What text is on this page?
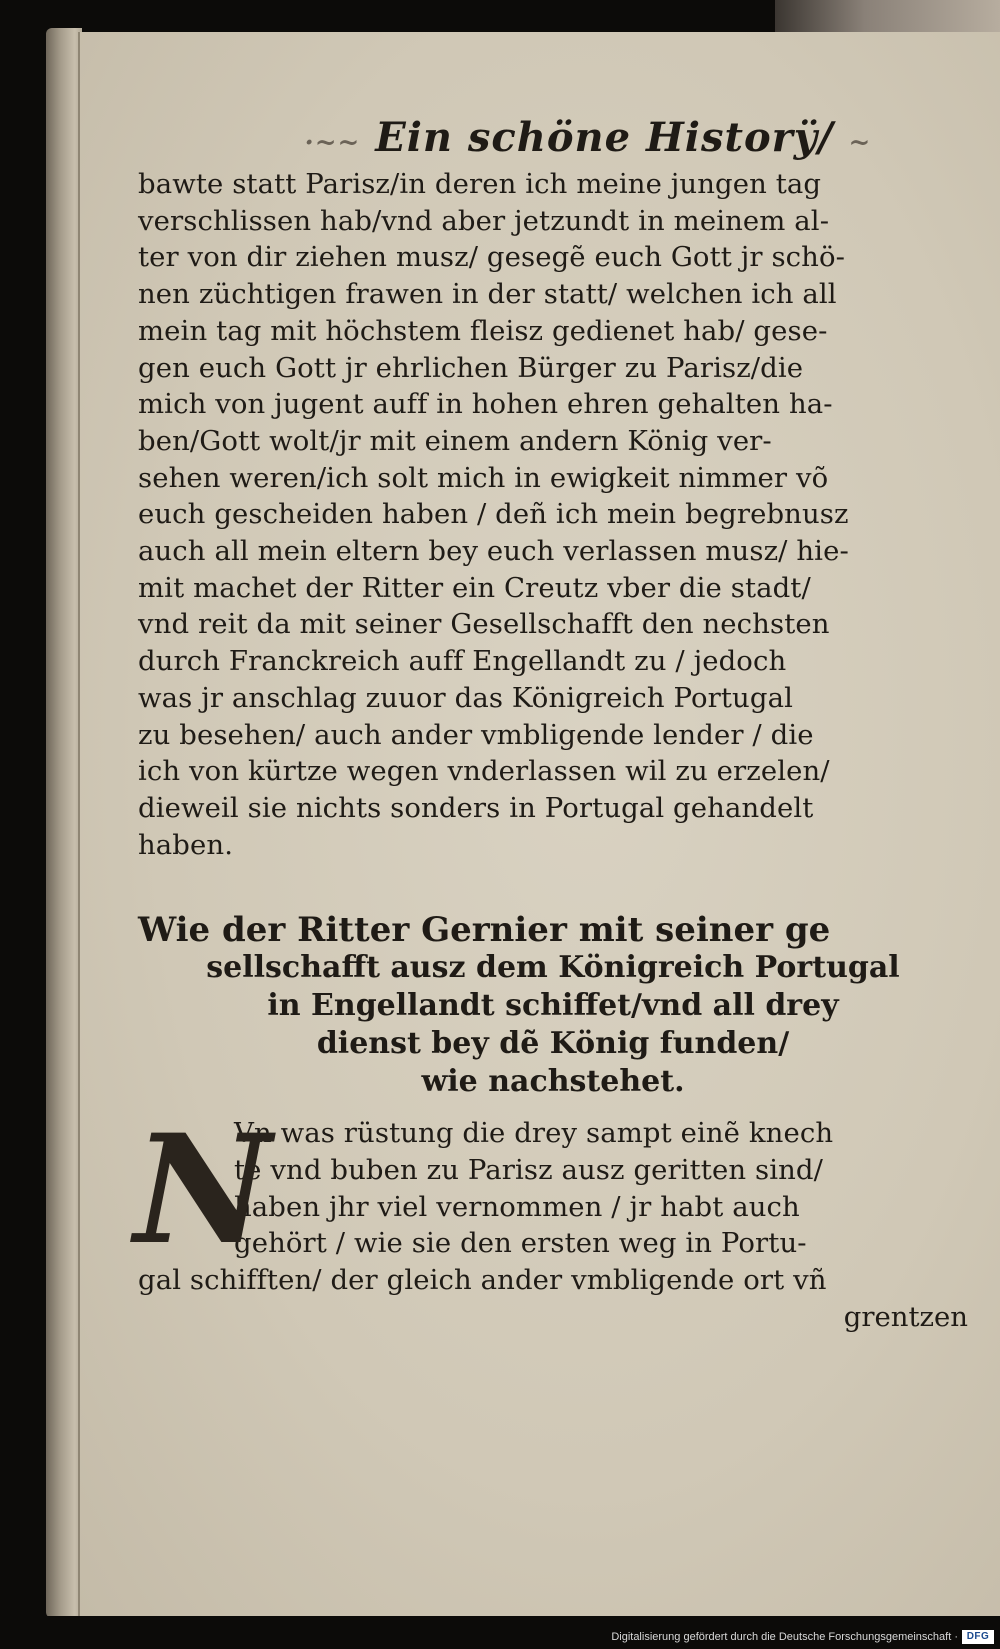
·~~ Ein schöne Historÿ/ ~
bawte statt Parisz/in deren ich meine jungen tag
verschlissen hab/vnd aber jetzundt in meinem al-
ter von dir ziehen musz/ gesegẽ euch Gott jr schö-
nen züchtigen frawen in der statt/ welchen ich all
mein tag mit höchstem fleisz gedienet hab/ gese-
gen euch Gott jr ehrlichen Bürger zu Parisz/die
mich von jugent auff in hohen ehren gehalten ha-
ben/Gott wolt/jr mit einem andern König ver-
sehen weren/ich solt mich in ewigkeit nimmer võ
euch gescheiden haben / deñ ich mein begrebnusz
auch all mein eltern bey euch verlassen musz/ hie-
mit machet der Ritter ein Creutz vber die stadt/
vnd reit da mit seiner Gesellschafft den nechsten
durch Franckreich auff Engellandt zu / jedoch
was jr anschlag zuuor das Königreich Portugal
zu besehen/ auch ander vmbligende lender / die
ich von kürtze wegen vnderlassen wil zu erzelen/
dieweil sie nichts sonders in Portugal gehandelt
haben.
Wie der Ritter Gernier mit seiner ge
sellschafft ausz dem Königreich Portugal
in Engellandt schiffet/vnd all drey
dienst bey dẽ König funden/
wie nachstehet.
N
Vn was rüstung die drey sampt einẽ knech
te vnd buben zu Parisz ausz geritten sind/
haben jhr viel vernommen / jr habt auch
gehört / wie sie den ersten weg in Portu-
gal schifften/ der gleich ander vmbligende ort vñ
grentzen
Digitalisierung gefördert durch die Deutsche Forschungsgemeinschaft · DFG
